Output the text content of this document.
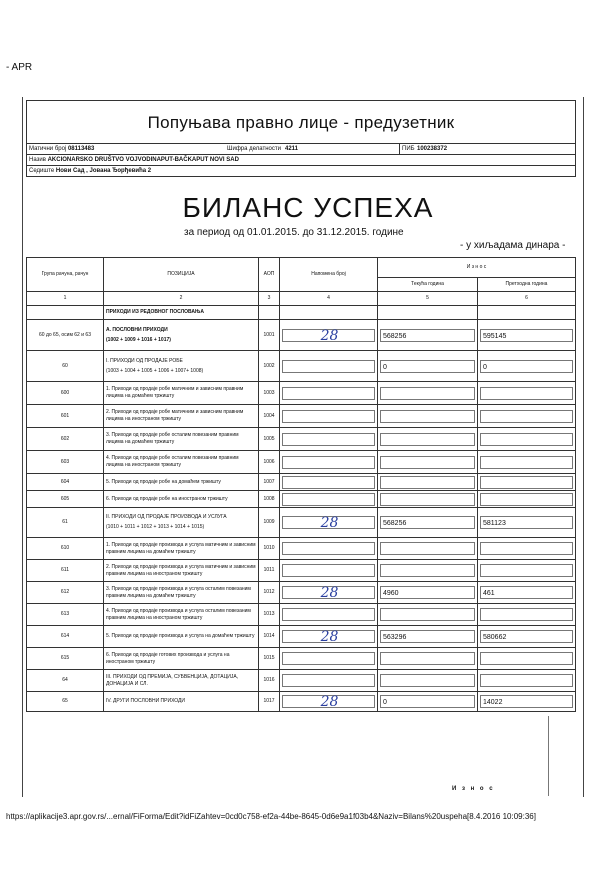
- APR
Попуњава правно лице - предузетник
Матични број 08113483	Шифра делатности 4211	ПИБ 100238372
Назив AKCIONARSKO DRUŠTVO VOJVODINAPUT-BAČKAPUT NOVI SAD
Седиште Нови Сад , Јована Ђорђевића 2
БИЛАНС УСПЕХА
за период од 01.01.2015. до 31.12.2015. године
- у хиљадама динара -
Група рачуна, рачун	ПОЗИЦИЈА	АОП	Напомена број	И з н о с	
				Текућа година	Претходна година
1	2	3	4	5	6
	ПРИХОДИ ИЗ РЕДОВНОГ ПОСЛОВАЊА				
60 до 65, осим 62 и 63	А. ПОСЛОВНИ ПРИХОДИ
(1002 + 1009 + 1016 + 1017)	1001	28	568256	595145

60	I. ПРИХОДИ ОД ПРОДАЈЕ РОБЕ
(1003 + 1004 + 1005 + 1006 + 1007+ 1008)	1002		0	0

600	1. Приходи од продаје робе матичним и зависним правним лицима на домаћем тржишту	1003	

601	2. Приходи од продаје робе матичним и зависним правним лицима на иностраном тржишту	1004	

602	3. Приходи од продаје робе осталим повезаним правним лицима на домаћем тржишту	1005	

603	4. Приходи од продаје робе осталим повезаним правним лицима на иностраном тржишту	1006	

604	5. Приходи од продаје робе на домаћем тржишту	1007	

605	6. Приходи од продаје робе на иностраном тржишту	1008	

61	II. ПРИХОДИ ОД ПРОДАЈЕ ПРОИЗВОДА И УСЛУГА
(1010 + 1011 + 1012 + 1013 + 1014 + 1015)	1009	28	568256	581123

610	1. Приходи од продаје производа и услуга матичним и зависним правним лицима на домаћем тржишту	1010	

611	2. Приходи од продаје производа и услуга матичним и зависним правним лицима на иностраном тржишту	1011	

612	3. Приходи од продаје производа и услуга осталим повезаним правним лицима на домаћем тржишту	1012	28	4960	461

613	4. Приходи од продаје производа и услуга осталим повезаним правним лицима на иностраном тржишту	1013	

614	5. Приходи од продаје производа и услуга на домаћем тржишту	1014	28	563296	580662

615	6. Приходи од продаје готових производа и услуга на иностраном тржишту	1015	

64	III. ПРИХОДИ ОД ПРЕМИЈА, СУБВЕНЦИЈА, ДОТАЦИЈА, ДОНАЦИЈА И СЛ.	1016	

65	IV. ДРУГИ ПОСЛОВНИ ПРИХОДИ	1017	28	0	14022
И з н о с
https://aplikacije3.apr.gov.rs/...ernal/FiForma/Edit?idFiZahtev=0cd0c758-ef2a-44be-8645-0d6e9a1f03b4&Naziv=Bilans%20uspeha[8.4.2016 10:09:36]
